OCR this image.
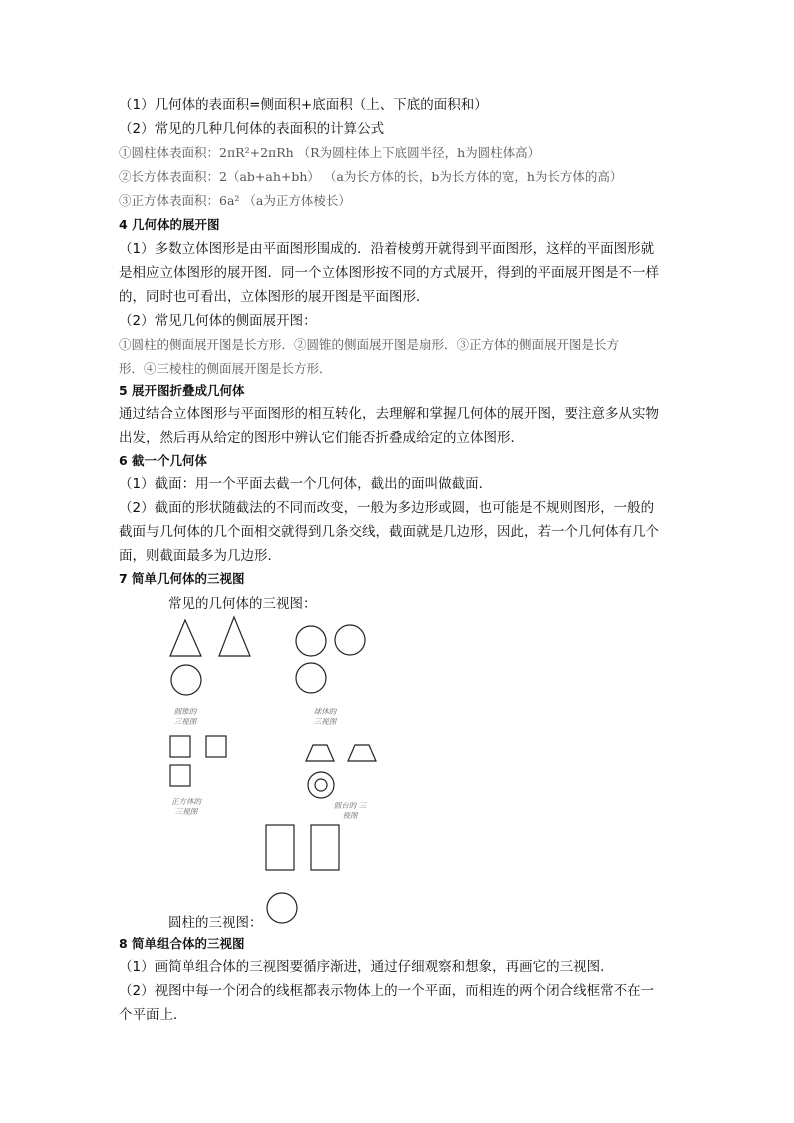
（1）几何体的表面积=侧面积+底面积（上、下底的面积和）
（2）常见的几种几何体的表面积的计算公式
①圆柱体表面积：2πR²+2πRh （R为圆柱体上下底圆半径，h为圆柱体高）
②长方体表面积：2（ab+ah+bh） （a为长方体的长，b为长方体的宽，h为长方体的高）
③正方体表面积：6a² （a为正方体棱长）
4 几何体的展开图
（1）多数立体图形是由平面图形围成的．沿着棱剪开就得到平面图形，这样的平面图形就
是相应立体图形的展开图．同一个立体图形按不同的方式展开，得到的平面展开图是不一样
的，同时也可看出，立体图形的展开图是平面图形．
（2）常见几何体的侧面展开图：
①圆柱的侧面展开图是长方形．②圆锥的侧面展开图是扇形．③正方体的侧面展开图是长方
形．④三棱柱的侧面展开图是长方形．
5 展开图折叠成几何体
通过结合立体图形与平面图形的相互转化，去理解和掌握几何体的展开图，要注意多从实物
出发，然后再从给定的图形中辨认它们能否折叠成给定的立体图形．
6 截一个几何体
（1）截面：用一个平面去截一个几何体，截出的面叫做截面．
（2）截面的形状随截法的不同而改变，一般为多边形或圆，也可能是不规则图形，一般的
截面与几何体的几个面相交就得到几条交线，截面就是几边形，因此，若一个几何体有几个
面，则截面最多为几边形．
7 简单几何体的三视图
常见的几何体的三视图：
圆锥的
三视图
球体的
三视图
正方体的
三视图
圆台的 三
视图
圆柱的三视图：
8 简单组合体的三视图
（1）画简单组合体的三视图要循序渐进，通过仔细观察和想象，再画它的三视图．
（2）视图中每一个闭合的线框都表示物体上的一个平面，而相连的两个闭合线框常不在一
个平面上．
